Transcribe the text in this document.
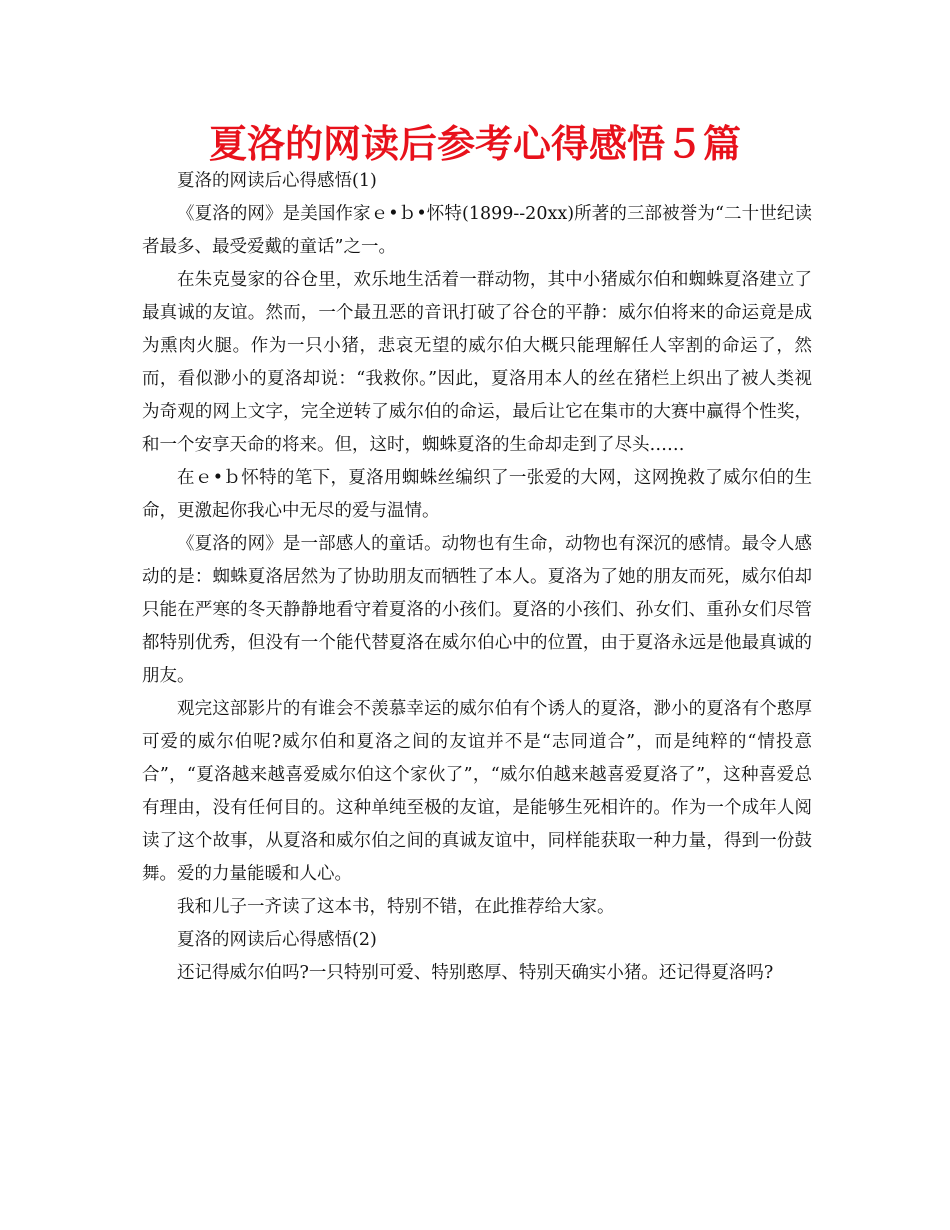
夏洛的网读后参考心得感悟５篇

夏洛的网读后心得感悟(1)

《夏洛的网》是美国作家ｅ•ｂ•怀特(1899--20xx)所著的三部被誉为“二十世纪读者最多、最受爱戴的童话”之一。

在朱克曼家的谷仓里，欢乐地生活着一群动物，其中小猪威尔伯和蜘蛛夏洛建立了最真诚的友谊。然而，一个最丑恶的音讯打破了谷仓的平静：威尔伯将来的命运竟是成为熏肉火腿。作为一只小猪，悲哀无望的威尔伯大概只能理解任人宰割的命运了，然而，看似渺小的夏洛却说：“我救你。”因此，夏洛用本人的丝在猪栏上织出了被人类视为奇观的网上文字，完全逆转了威尔伯的命运，最后让它在集市的大赛中赢得个性奖，和一个安享天命的将来。但，这时，蜘蛛夏洛的生命却走到了尽头……

在ｅ•ｂ怀特的笔下，夏洛用蜘蛛丝编织了一张爱的大网，这网挽救了威尔伯的生命，更激起你我心中无尽的爱与温情。

《夏洛的网》是一部感人的童话。动物也有生命，动物也有深沉的感情。最令人感动的是：蜘蛛夏洛居然为了协助朋友而牺牲了本人。夏洛为了她的朋友而死，威尔伯却只能在严寒的冬天静静地看守着夏洛的小孩们。夏洛的小孩们、孙女们、重孙女们尽管都特别优秀，但没有一个能代替夏洛在威尔伯心中的位置，由于夏洛永远是他最真诚的朋友。

观完这部影片的有谁会不羡慕幸运的威尔伯有个诱人的夏洛，渺小的夏洛有个憨厚可爱的威尔伯呢?威尔伯和夏洛之间的友谊并不是“志同道合”，而是纯粹的“情投意合”，“夏洛越来越喜爱威尔伯这个家伙了”，“威尔伯越来越喜爱夏洛了”，这种喜爱总有理由，没有任何目的。这种单纯至极的友谊，是能够生死相许的。作为一个成年人阅读了这个故事，从夏洛和威尔伯之间的真诚友谊中，同样能获取一种力量，得到一份鼓舞。爱的力量能暖和人心。

我和儿子一齐读了这本书，特别不错，在此推荐给大家。

夏洛的网读后心得感悟(2)

还记得威尔伯吗?一只特别可爱、特别憨厚、特别天确实小猪。还记得夏洛吗?
